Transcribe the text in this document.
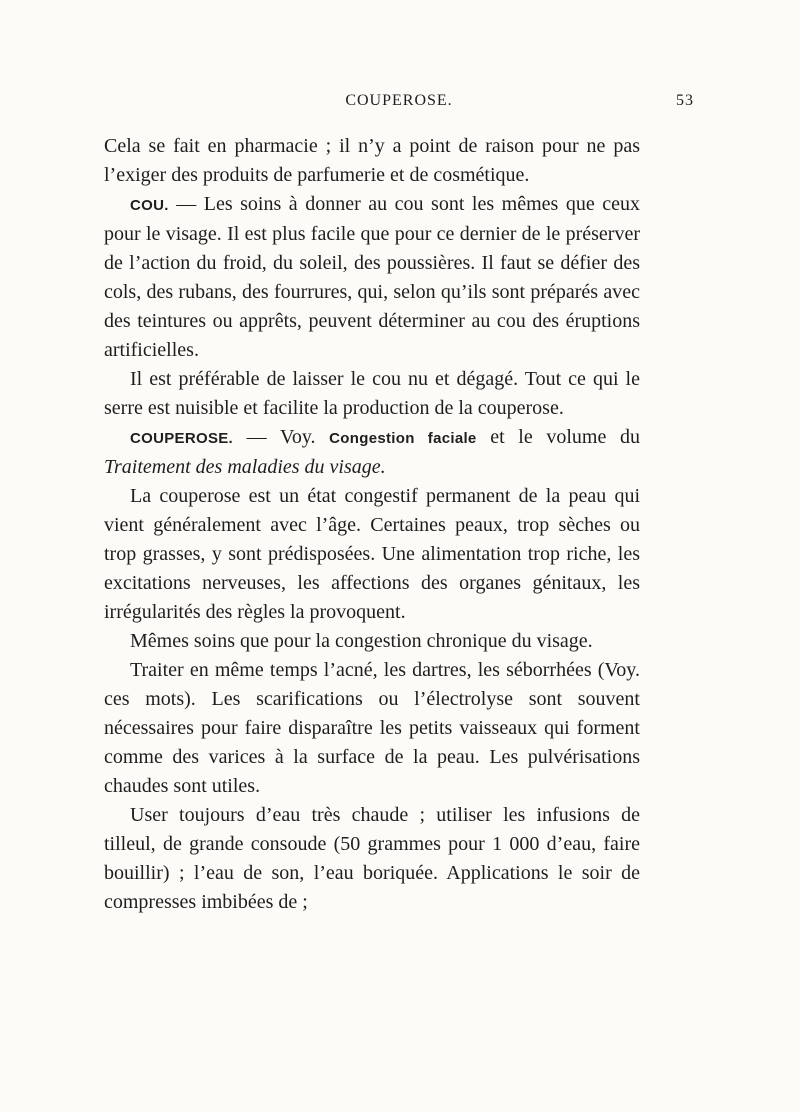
COUPEROSE.	53

Cela se fait en pharmacie ; il n’y a point de raison pour ne pas l’exiger des produits de parfumerie et de cosmétique.

COU. — Les soins à donner au cou sont les mêmes que ceux pour le visage. Il est plus facile que pour ce dernier de le préserver de l’action du froid, du soleil, des poussières. Il faut se défier des cols, des rubans, des fourrures, qui, selon qu’ils sont préparés avec des teintures ou apprêts, peuvent déterminer au cou des éruptions artificielles.

Il est préférable de laisser le cou nu et dégagé. Tout ce qui le serre est nuisible et facilite la production de la couperose.

COUPEROSE. — Voy. Congestion faciale et le volume du Traitement des maladies du visage.

La couperose est un état congestif permanent de la peau qui vient généralement avec l’âge. Certaines peaux, trop sèches ou trop grasses, y sont prédisposées. Une alimentation trop riche, les excitations nerveuses, les affections des organes génitaux, les irrégularités des règles la provoquent.

Mêmes soins que pour la congestion chronique du visage.

Traiter en même temps l’acné, les dartres, les séborrhées (Voy. ces mots). Les scarifications ou l’électrolyse sont souvent nécessaires pour faire disparaître les petits vaisseaux qui forment comme des varices à la surface de la peau. Les pulvérisations chaudes sont utiles.

User toujours d’eau très chaude ; utiliser les infusions de tilleul, de grande consoude (50 grammes pour 1 000 d’eau, faire bouillir) ; l’eau de son, l’eau boriquée. Applications le soir de compresses imbibées de ;
